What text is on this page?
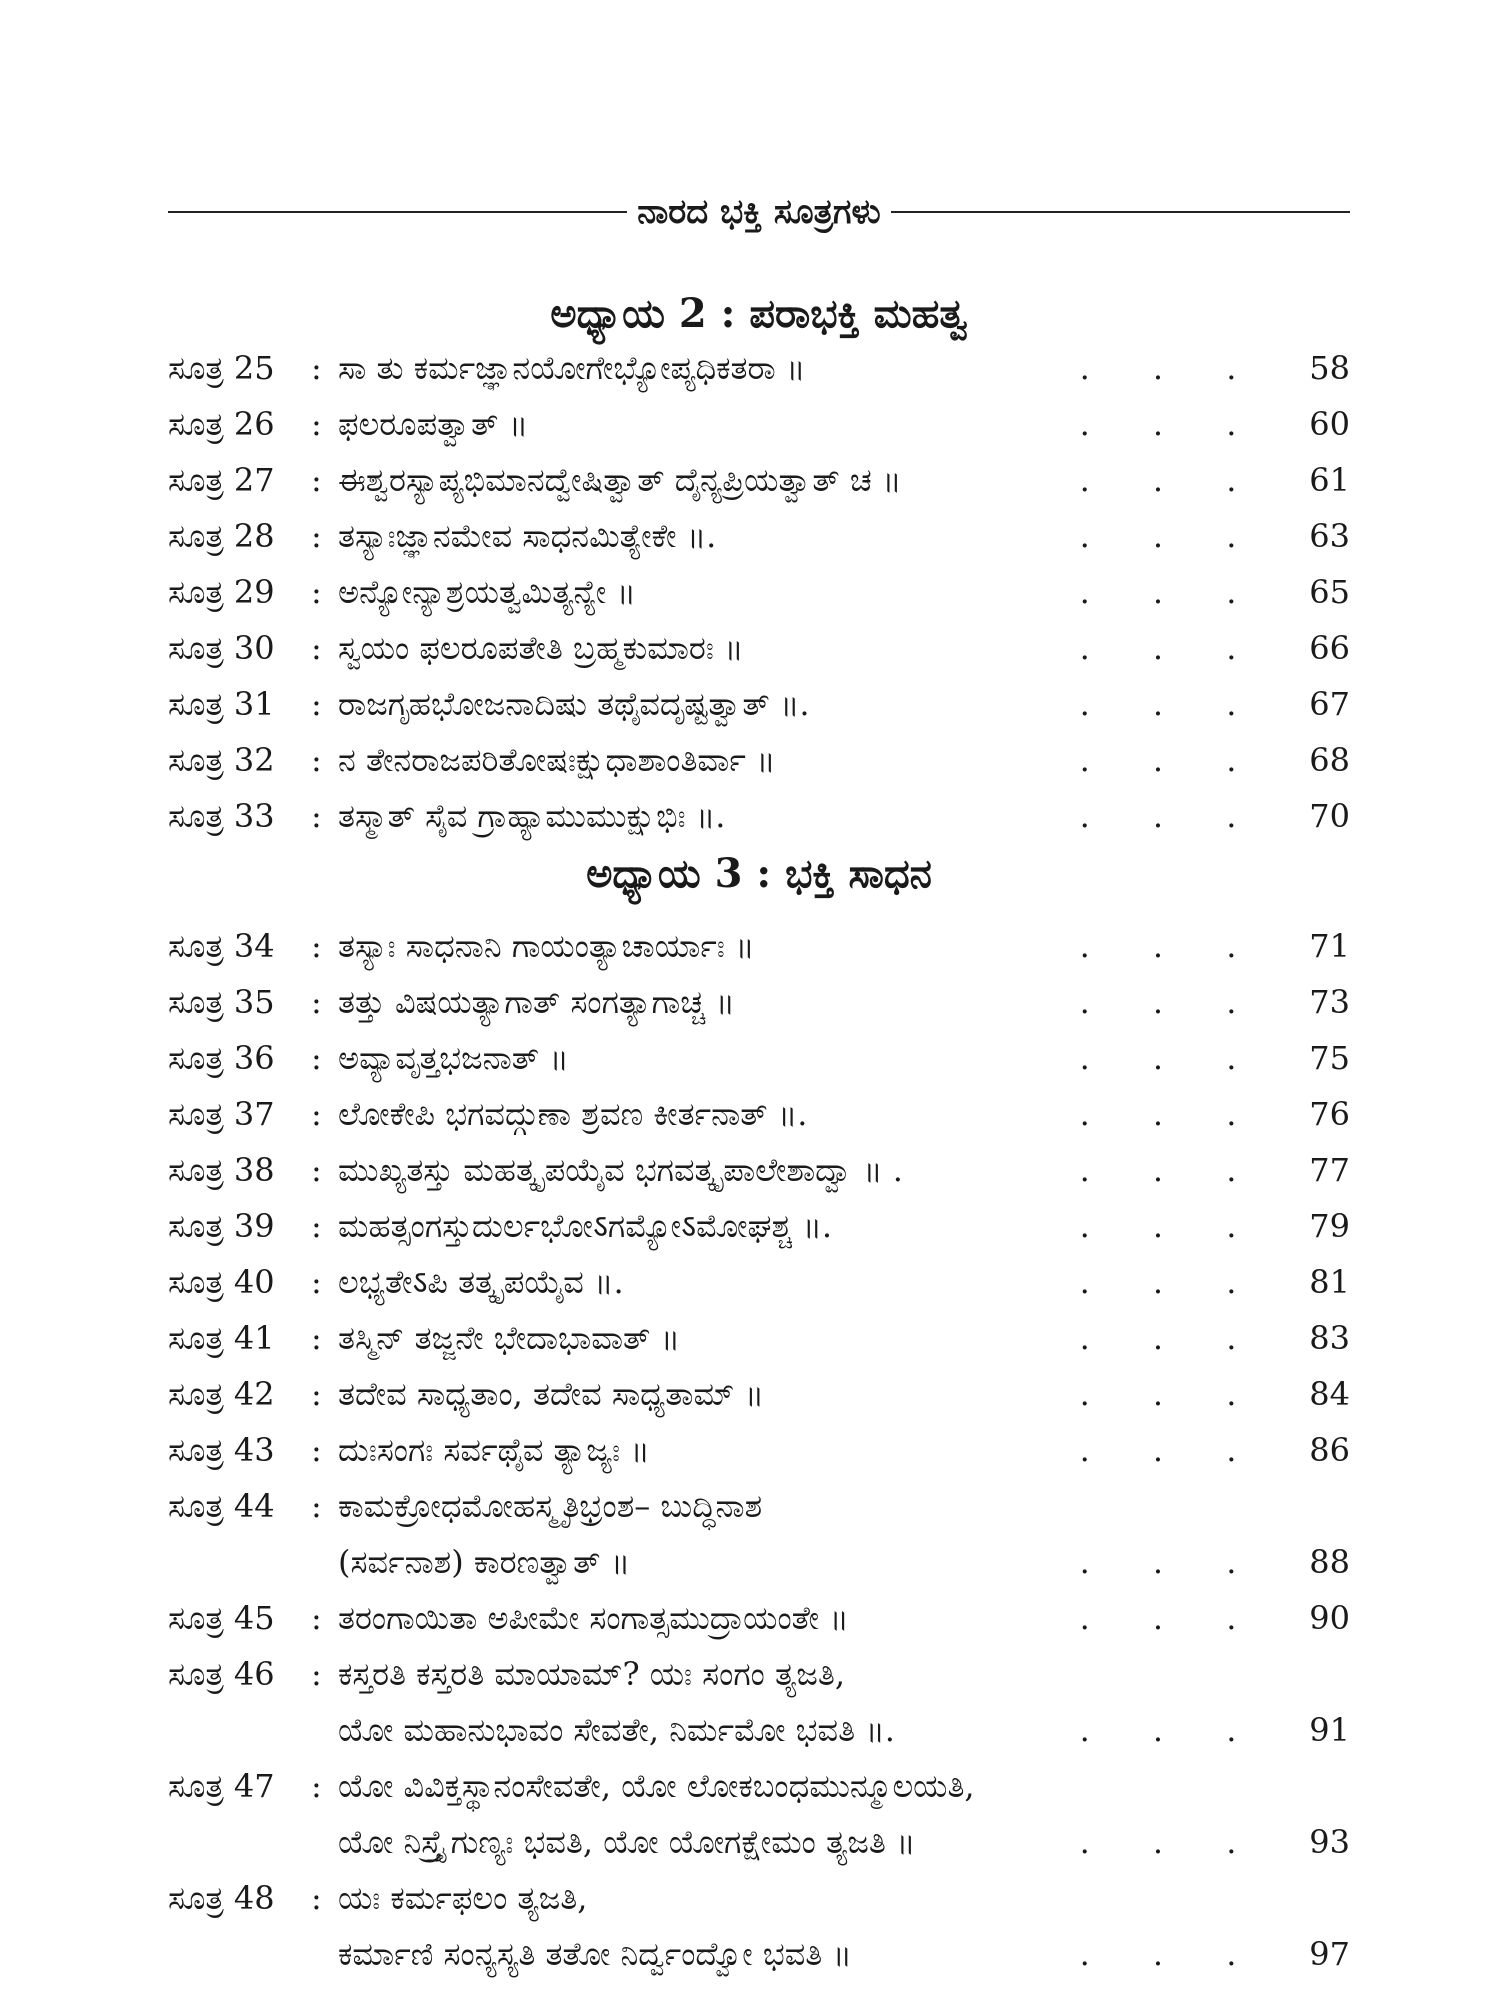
ನಾರದ ಭಕ್ತಿ ಸೂತ್ರಗಳು
ಸೂತ್ರ 25 : ಸಾ ತು ಕರ್ಮಜ್ಞಾನಯೋಗೇಭ್ಯೋಪ್ಯಧಿಕತರಾ ॥	. . . 58
ಸೂತ್ರ 26 : ಫಲರೂಪತ್ವಾತ್ ॥	. . . 60
ಸೂತ್ರ 27 : ಈಶ್ವರಸ್ಯಾಪ್ಯಭಿಮಾನದ್ವೇಷಿತ್ವಾತ್ ದೈನ್ಯಪ್ರಿಯತ್ವಾತ್ ಚ ॥	. . . 61
ಸೂತ್ರ 28 : ತಸ್ಯಾಃಜ್ಞಾನಮೇವ ಸಾಧನಮಿತ್ಯೇಕೇ ॥.	. . . 63
ಸೂತ್ರ 29 : ಅನ್ಯೋನ್ಯಾಶ್ರಯತ್ವಮಿತ್ಯನ್ಯೇ ॥	. . . 65
ಸೂತ್ರ 30 : ಸ್ವಯಂ ಫಲರೂಪತೇತಿ ಬ್ರಹ್ಮಕುಮಾರಃ ॥	. . . 66
ಸೂತ್ರ 31 : ರಾಜಗೃಹಭೋಜನಾದಿಷು ತಥೈವದೃಷ್ಟತ್ವಾತ್ ॥.	. . . 67
ಸೂತ್ರ 32 : ನ ತೇನರಾಜಪರಿತೋಷಃಕ್ಷುಧಾಶಾಂತಿರ್ವಾ ॥	. . . 68
ಸೂತ್ರ 33 : ತಸ್ಮಾತ್ ಸೈವ ಗ್ರಾಹ್ಯಾಮುಮುಕ್ಷುಭಿಃ ॥.	. . . 70
ಸೂತ್ರ 34 : ತಸ್ಯಾಃ ಸಾಧನಾನಿ ಗಾಯಂತ್ಯಾಚಾರ್ಯಾಃ ॥	. . . 71
ಸೂತ್ರ 35 : ತತ್ತು ವಿಷಯತ್ಯಾಗಾತ್ ಸಂಗತ್ಯಾಗಾಚ್ಚ ॥	. . . 73
ಸೂತ್ರ 36 : ಅವ್ಯಾವೃತ್ತಭಜನಾತ್ ॥	. . . 75
ಸೂತ್ರ 37 : ಲೋಕೇಪಿ ಭಗವದ್ಗುಣಾ ಶ್ರವಣ ಕೀರ್ತನಾತ್ ॥.	. . . 76
ಸೂತ್ರ 38 : ಮುಖ್ಯತಸ್ತು ಮಹತ್ಕೃಪಯೈವ ಭಗವತ್ಕೃಪಾಲೇಶಾದ್ವಾ ॥ .	. . . 77
ಸೂತ್ರ 39 : ಮಹತ್ಸಂಗಸ್ತುದುರ್ಲಭೋऽಗಮ್ಯೋऽಮೋಘಶ್ಚ ॥.	. . . 79
ಸೂತ್ರ 40 : ಲಭ್ಯತೇऽಪಿ ತತ್ಕೃಪಯೈವ ॥.	. . . 81
ಸೂತ್ರ 41 : ತಸ್ಮಿನ್ ತಜ್ಜನೇ ಭೇದಾಭಾವಾತ್ ॥	. . . 83
ಸೂತ್ರ 42 : ತದೇವ ಸಾಧ್ಯತಾಂ, ತದೇವ ಸಾಧ್ಯತಾಮ್ ॥	. . . 84
ಸೂತ್ರ 43 : ದುಃಸಂಗಃ ಸರ್ವಥೈವ ತ್ಯಾಜ್ಯಃ ॥	. . . 86
ಸೂತ್ರ 44 : ಕಾಮಕ್ರೋಧಮೋಹಸ್ಮೃತಿಭ್ರಂಶ– ಬುದ್ಧಿನಾಶ
(ಸರ್ವನಾಶ) ಕಾರಣತ್ವಾತ್ ॥	. . . 88
ಸೂತ್ರ 45 : ತರಂಗಾಯಿತಾ ಅಪೀಮೇ ಸಂಗಾತ್ಸಮುದ್ರಾಯಂತೇ ॥	. . . 90
ಸೂತ್ರ 46 : ಕಸ್ತರತಿ ಕಸ್ತರತಿ ಮಾಯಾಮ್? ಯಃ ಸಂಗಂ ತ್ಯಜತಿ,
ಯೋ ಮಹಾನುಭಾವಂ ಸೇವತೇ, ನಿರ್ಮಮೋ ಭವತಿ ॥.	. . . 91
ಸೂತ್ರ 47 : ಯೋ ವಿವಿಕ್ತಸ್ಥಾನಂಸೇವತೇ, ಯೋ ಲೋಕಬಂಧಮುನ್ಮೂಲಯತಿ,
ಯೋ ನಿಸ್ತ್ರೈಗುಣ್ಯಃ ಭವತಿ, ಯೋ ಯೋಗಕ್ಷೇಮಂ ತ್ಯಜತಿ ॥	. . . 93
ಸೂತ್ರ 48 : ಯಃ ಕರ್ಮಫಲಂ ತ್ಯಜತಿ,
ಕರ್ಮಾಣಿ ಸಂನ್ಯಸ್ಯತಿ ತತೋ ನಿರ್ದ್ವಂದ್ವೋ ಭವತಿ ॥	. . . 97
ಅಧ್ಯಾಯ 2 : ಪರಾಭಕ್ತಿ ಮಹತ್ವ
ಅಧ್ಯಾಯ 3 : ಭಕ್ತಿ ಸಾಧನ
